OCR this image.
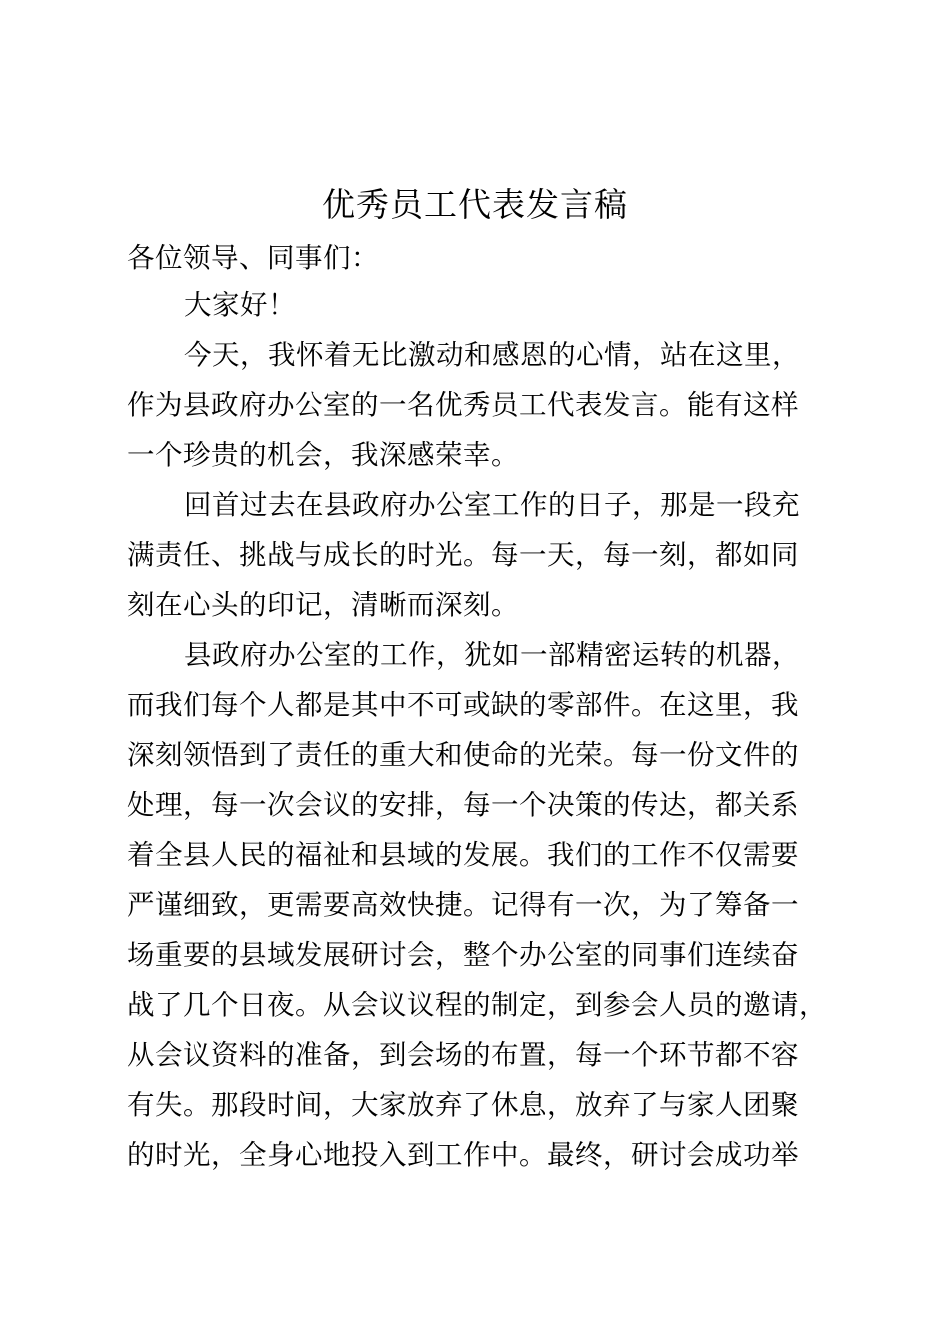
优秀员工代表发言稿
各位领导、同事们：
大家好！
今天，我怀着无比激动和感恩的心情，站在这里，
作为县政府办公室的一名优秀员工代表发言。能有这样
一个珍贵的机会，我深感荣幸。
回首过去在县政府办公室工作的日子，那是一段充
满责任、挑战与成长的时光。每一天，每一刻，都如同
刻在心头的印记，清晰而深刻。
县政府办公室的工作，犹如一部精密运转的机器，
而我们每个人都是其中不可或缺的零部件。在这里，我
深刻领悟到了责任的重大和使命的光荣。每一份文件的
处理，每一次会议的安排，每一个决策的传达，都关系
着全县人民的福祉和县域的发展。我们的工作不仅需要
严谨细致，更需要高效快捷。记得有一次，为了筹备一
场重要的县域发展研讨会，整个办公室的同事们连续奋
战了几个日夜。从会议议程的制定，到参会人员的邀请，
从会议资料的准备，到会场的布置，每一个环节都不容
有失。那段时间，大家放弃了休息，放弃了与家人团聚
的时光，全身心地投入到工作中。最终，研讨会成功举
